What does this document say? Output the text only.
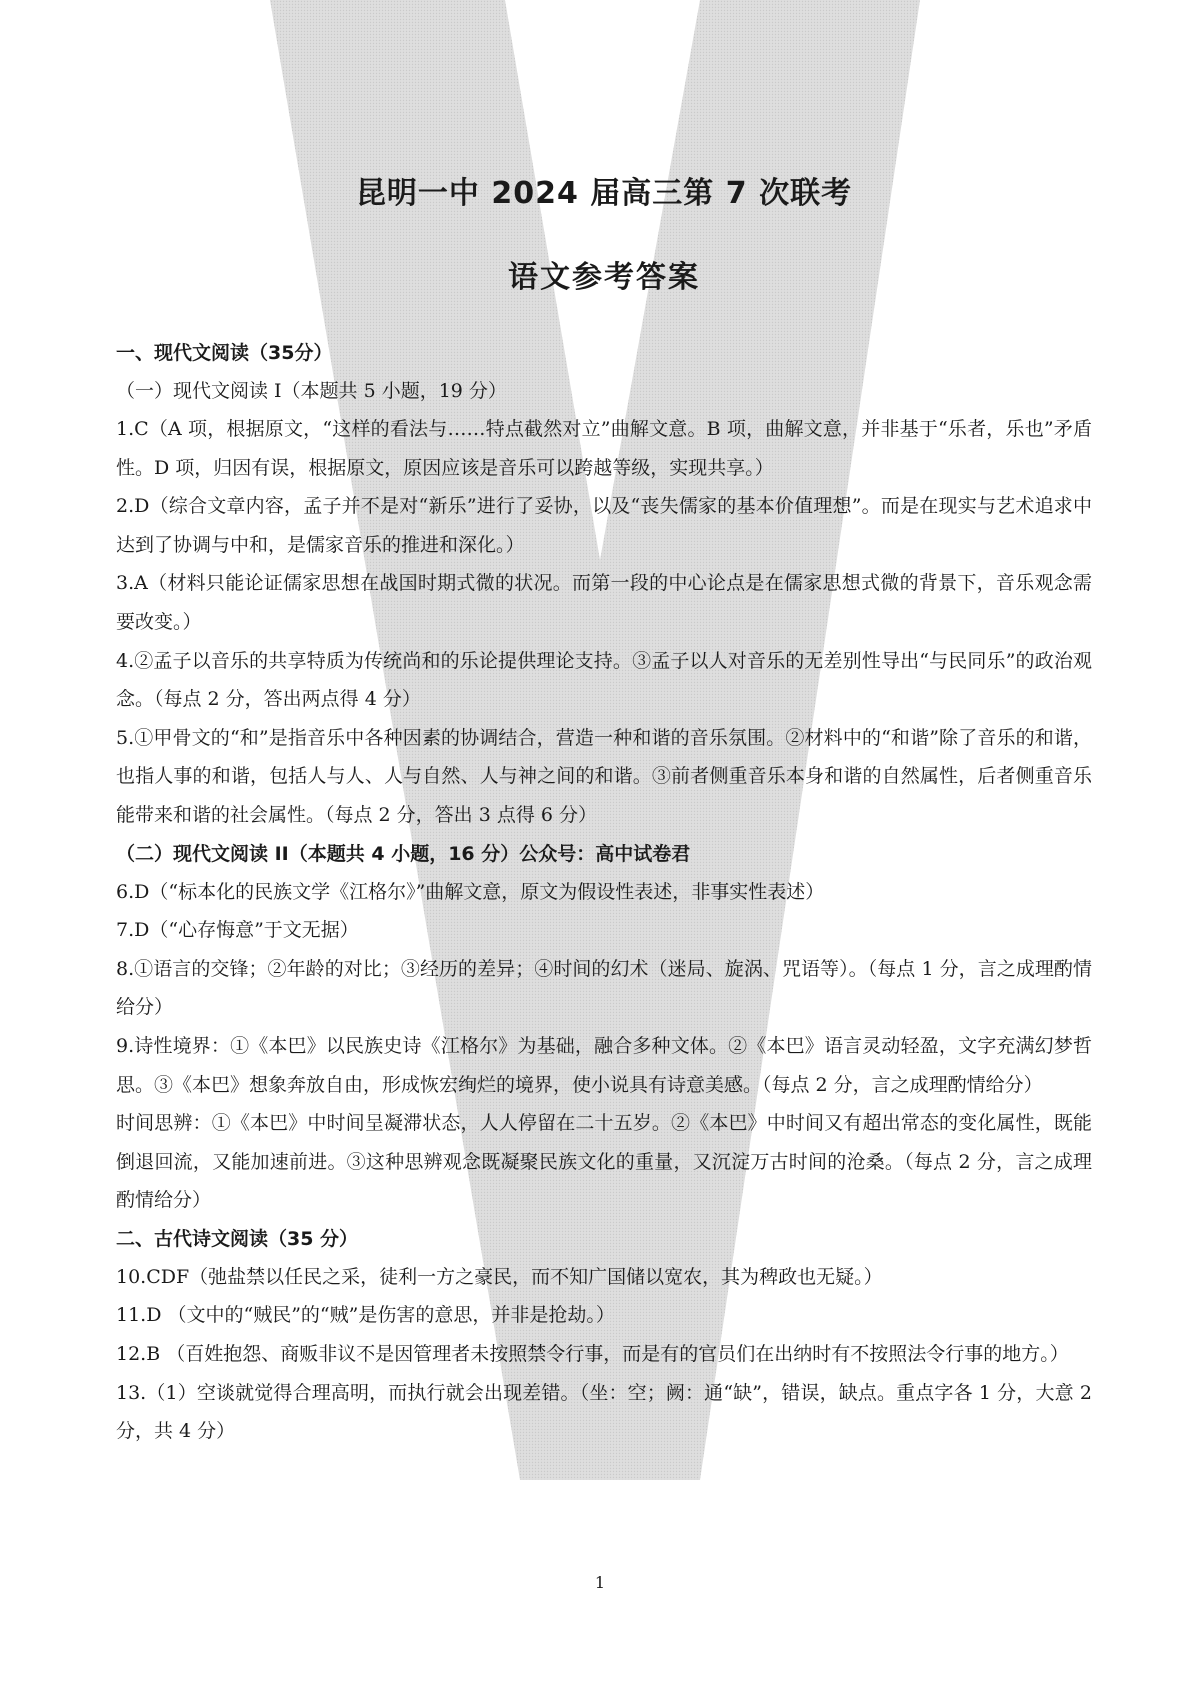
昆明一中 2024 届高三第 7 次联考
语文参考答案
一、现代文阅读（35分）
（一）现代文阅读 I（本题共 5 小题，19 分）

1.C（A 项，根据原文，“这样的看法与……特点截然对立”曲解文意。B 项，曲解文意，并非基于“乐者，乐也”矛盾性。D 项，归因有误，根据原文，原因应该是音乐可以跨越等级，实现共享。）

2.D（综合文章内容，孟子并不是对“新乐”进行了妥协，以及“丧失儒家的基本价值理想”。而是在现实与艺术追求中达到了协调与中和，是儒家音乐的推进和深化。）

3.A（材料只能论证儒家思想在战国时期式微的状况。而第一段的中心论点是在儒家思想式微的背景下，音乐观念需要改变。）

4.②孟子以音乐的共享特质为传统尚和的乐论提供理论支持。③孟子以人对音乐的无差别性导出“与民同乐”的政治观念。（每点 2 分，答出两点得 4 分）

5.①甲骨文的“和”是指音乐中各种因素的协调结合，营造一种和谐的音乐氛围。②材料中的“和谐”除了音乐的和谐，也指人事的和谐，包括人与人、人与自然、人与神之间的和谐。③前者侧重音乐本身和谐的自然属性，后者侧重音乐能带来和谐的社会属性。（每点 2 分，答出 3 点得 6 分）

（二）现代文阅读 II（本题共 4 小题，16 分）公众号：高中试卷君

6.D（“标本化的民族文学《江格尔》”曲解文意，原文为假设性表述，非事实性表述）

7.D（“心存悔意”于文无据）

8.①语言的交锋；②年龄的对比；③经历的差异；④时间的幻术（迷局、旋涡、咒语等）。（每点 1 分，言之成理酌情给分）

9.诗性境界：①《本巴》以民族史诗《江格尔》为基础，融合多种文体。②《本巴》语言灵动轻盈，文字充满幻梦哲思。③《本巴》想象奔放自由，形成恢宏绚烂的境界，使小说具有诗意美感。（每点 2 分，言之成理酌情给分）

时间思辨：①《本巴》中时间呈凝滞状态，人人停留在二十五岁。②《本巴》中时间又有超出常态的变化属性，既能倒退回流，又能加速前进。③这种思辨观念既凝聚民族文化的重量，又沉淀万古时间的沧桑。（每点 2 分，言之成理酌情给分）

二、古代诗文阅读（35 分）

10.CDF（弛盐禁以任民之采，徒利一方之豪民，而不知广国储以宽农，其为稗政也无疑。）

11.D （文中的“贼民”的“贼”是伤害的意思，并非是抢劫。）

12.B （百姓抱怨、商贩非议不是因管理者未按照禁令行事，而是有的官员们在出纳时有不按照法令行事的地方。）

13.（1）空谈就觉得合理高明，而执行就会出现差错。（坐：空；阙：通“缺”，错误，缺点。重点字各 1 分，大意 2 分，共 4 分）

1
